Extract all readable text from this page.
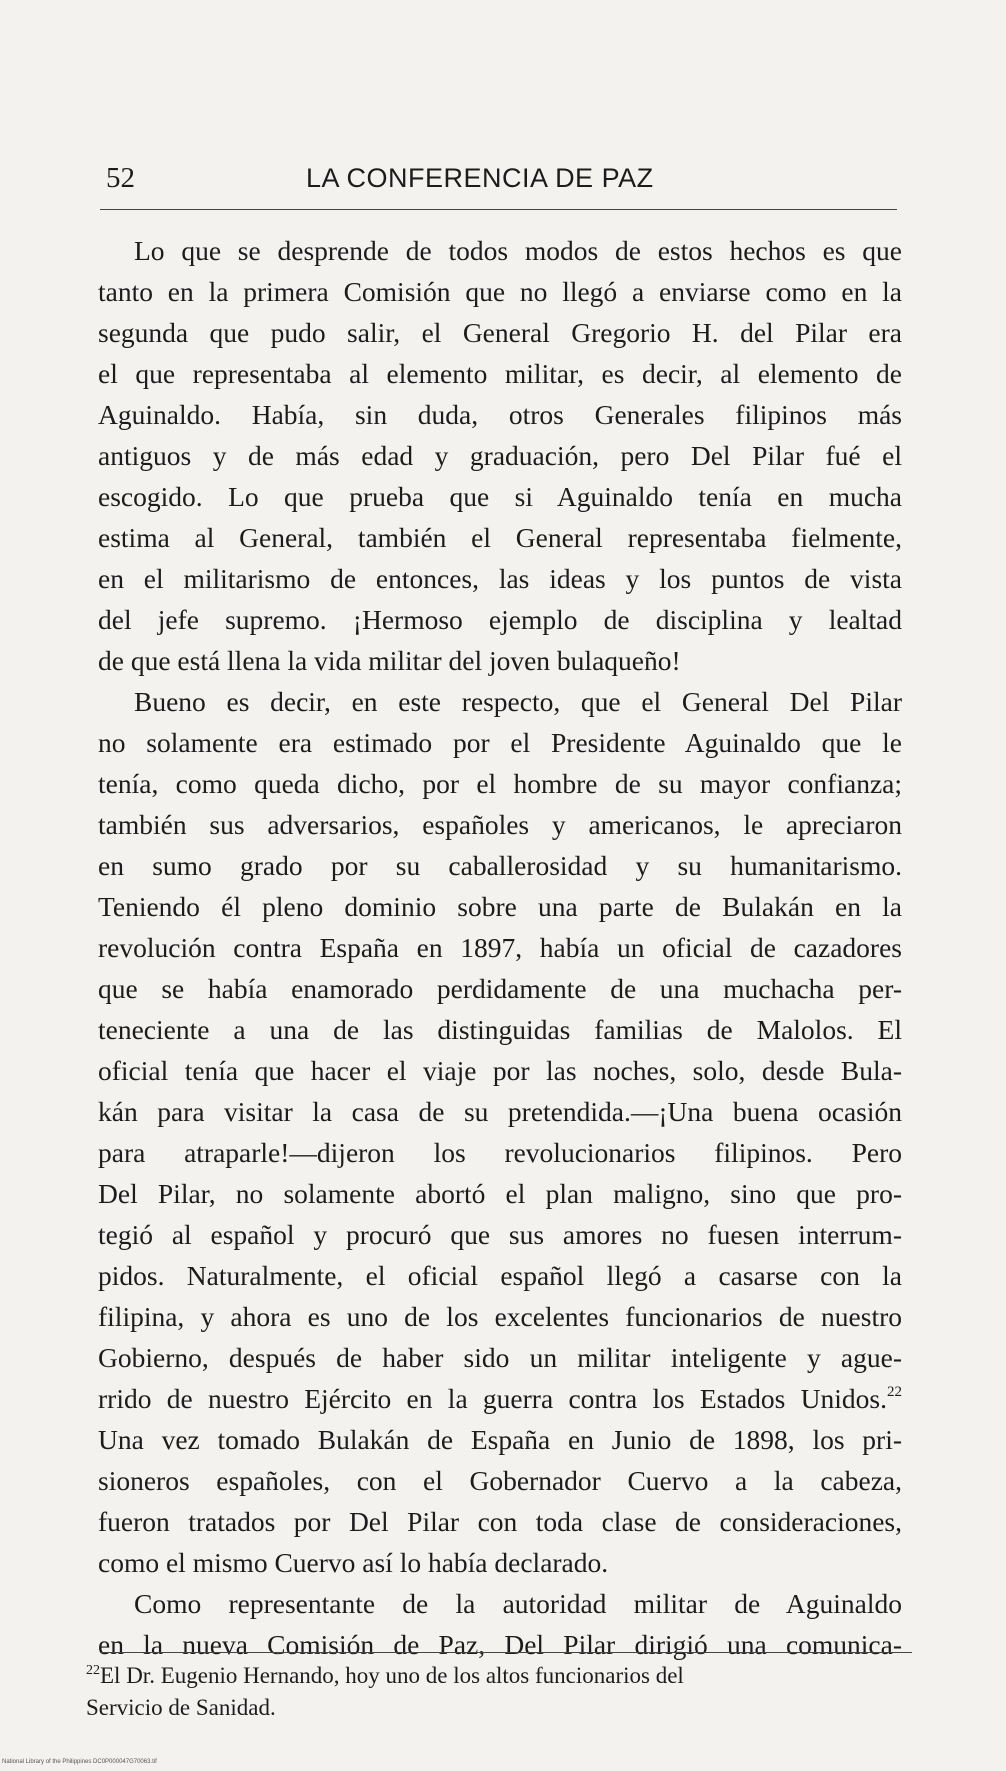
52	LA CONFERENCIA DE PAZ
Lo que se desprende de todos modos de estos hechos es que
tanto en la primera Comisión que no llegó a enviarse como en la
segunda que pudo salir, el General Gregorio H. del Pilar era
el que representaba al elemento militar, es decir, al elemento de
Aguinaldo. Había, sin duda, otros Generales filipinos más
antiguos y de más edad y graduación, pero Del Pilar fué el
escogido. Lo que prueba que si Aguinaldo tenía en mucha
estima al General, también el General representaba fielmente,
en el militarismo de entonces, las ideas y los puntos de vista
del jefe supremo. ¡Hermoso ejemplo de disciplina y lealtad
de que está llena la vida militar del joven bulaqueño!
Bueno es decir, en este respecto, que el General Del Pilar
no solamente era estimado por el Presidente Aguinaldo que le
tenía, como queda dicho, por el hombre de su mayor confianza;
también sus adversarios, españoles y americanos, le apreciaron
en sumo grado por su caballerosidad y su humanitarismo.
Teniendo él pleno dominio sobre una parte de Bulakán en la
revolución contra España en 1897, había un oficial de cazadores
que se había enamorado perdidamente de una muchacha per-
teneciente a una de las distinguidas familias de Malolos. El
oficial tenía que hacer el viaje por las noches, solo, desde Bula-
kán para visitar la casa de su pretendida.—¡Una buena ocasión
para atraparle!—dijeron los revolucionarios filipinos. Pero
Del Pilar, no solamente abortó el plan maligno, sino que pro-
tegió al español y procuró que sus amores no fuesen interrum-
pidos. Naturalmente, el oficial español llegó a casarse con la
filipina, y ahora es uno de los excelentes funcionarios de nuestro
Gobierno, después de haber sido un militar inteligente y ague-
rrido de nuestro Ejército en la guerra contra los Estados Unidos.$^{22}$
Una vez tomado Bulakán de España en Junio de 1898, los pri-
sioneros españoles, con el Gobernador Cuervo a la cabeza,
fueron tratados por Del Pilar con toda clase de consideraciones,
como el mismo Cuervo así lo había declarado.
Como representante de la autoridad militar de Aguinaldo
en la nueva Comisión de Paz, Del Pilar dirigió una comunica-
$^{22}$El Dr. Eugenio Hernando, hoy uno de los altos funcionarios del
Servicio de Sanidad.
National Library of the Philippines DC0P000047G70063.tif
